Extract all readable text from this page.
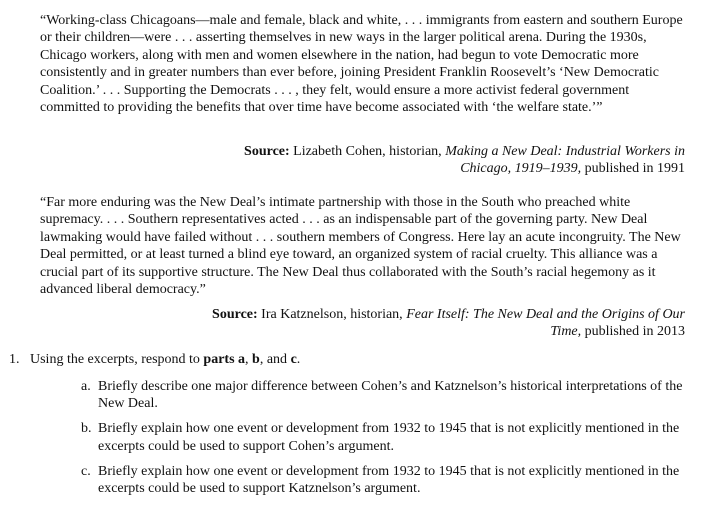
“Working-class Chicagoans—male and female, black and white, . . . immigrants from eastern and southern Europe or their children—were . . . asserting themselves in new ways in the larger political arena. During the 1930s, Chicago workers, along with men and women elsewhere in the nation, had begun to vote Democratic more consistently and in greater numbers than ever before, joining President Franklin Roosevelt’s ‘New Democratic Coalition.’ . . . Supporting the Democrats . . . , they felt, would ensure a more activist federal government committed to providing the benefits that over time have become associated with ‘the welfare state.’”

Source: Lizabeth Cohen, historian, Making a New Deal: Industrial Workers in Chicago, 1919–1939, published in 1991

“Far more enduring was the New Deal’s intimate partnership with those in the South who preached white supremacy. . . . Southern representatives acted . . . as an indispensable part of the governing party. New Deal lawmaking would have failed without . . . southern members of Congress. Here lay an acute incongruity. The New Deal permitted, or at least turned a blind eye toward, an organized system of racial cruelty. This alliance was a crucial part of its supportive structure. The New Deal thus collaborated with the South’s racial hegemony as it advanced liberal democracy.”

Source: Ira Katznelson, historian, Fear Itself: The New Deal and the Origins of Our Time, published in 2013

1. Using the excerpts, respond to parts a, b, and c.
a. Briefly describe one major difference between Cohen’s and Katznelson’s historical interpretations of the New Deal.
b. Briefly explain how one event or development from 1932 to 1945 that is not explicitly mentioned in the excerpts could be used to support Cohen’s argument.
c. Briefly explain how one event or development from 1932 to 1945 that is not explicitly mentioned in the excerpts could be used to support Katznelson’s argument.
